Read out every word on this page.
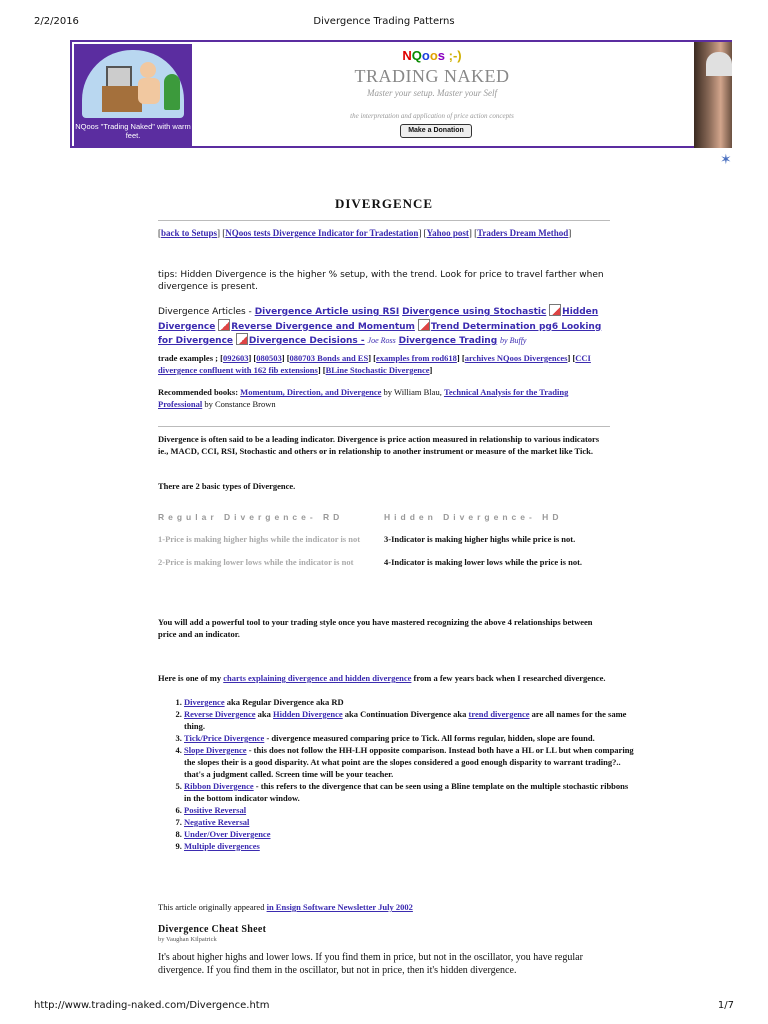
2/2/2016	Divergence Trading Patterns
NQoos "Trading Naked" with warm feet.
NQoos ;-)
TRADING NAKED
Master your setup. Master your Self
the interpretation and application of price action concepts
Make a Donation
✶
DIVERGENCE
[back to Setups] [NQoos tests Divergence Indicator for Tradestation] [Yahoo post] [Traders Dream Method]
tips: Hidden Divergence is the higher % setup, with the trend. Look for price to travel farther when divergence is present.
Divergence Articles - Divergence Article using RSI Divergence using Stochastic Hidden Divergence Reverse Divergence and Momentum Trend Determination pg6 Looking for Divergence Divergence Decisions - Joe Ross Divergence Trading by Buffy
trade examples ; [092603] [080503] [080703 Bonds and ES] [examples from rod618] [archives NQoos Divergences] [CCI divergence confluent with 162 fib extensions] [BLine Stochastic Divergence]
Recommended books: Momentum, Direction, and Divergence by William Blau, Technical Analysis for the Trading Professional by Constance Brown
Divergence is often said to be a leading indicator. Divergence is price action measured in relationship to various indicators ie., MACD, CCI, RSI, Stochastic and others or in relationship to another instrument or measure of the market like Tick.
There are 2 basic types of Divergence.
Regular Divergence- RD
1-Price is making higher highs while the indicator is not
2-Price is making lower lows while the indicator is not
Hidden Divergence- HD
3-Indicator is making higher highs while price is not.
4-Indicator is making lower lows while the price is not.
You will add a powerful tool to your trading style once you have mastered recognizing the above 4 relationships between price and an indicator.
Here is one of my charts explaining divergence and hidden divergence from a few years back when I researched divergence.
1. Divergence aka Regular Divergence aka RD
2. Reverse Divergence aka Hidden Divergence aka Continuation Divergence aka trend divergence are all names for the same thing.
3. Tick/Price Divergence - divergence measured comparing price to Tick. All forms regular, hidden, slope are found.
4. Slope Divergence - this does not follow the HH-LH opposite comparison. Instead both have a HL or LL but when comparing the slopes their is a good disparity. At what point are the slopes considered a good enough disparity to warrant trading?.. that's a judgment called. Screen time will be your teacher.
5. Ribbon Divergence - this refers to the divergence that can be seen using a Bline template on the multiple stochastic ribbons in the bottom indicator window.
6. Positive Reversal
7. Negative Reversal
8. Under/Over Divergence
9. Multiple divergences
This article originally appeared in Ensign Software Newsletter July 2002
Divergence Cheat Sheet
by Vaughan Kilpatrick
It's about higher highs and lower lows. If you find them in price, but not in the oscillator, you have regular divergence. If you find them in the oscillator, but not in price, then it's hidden divergence.
http://www.trading-naked.com/Divergence.htm	1/7
